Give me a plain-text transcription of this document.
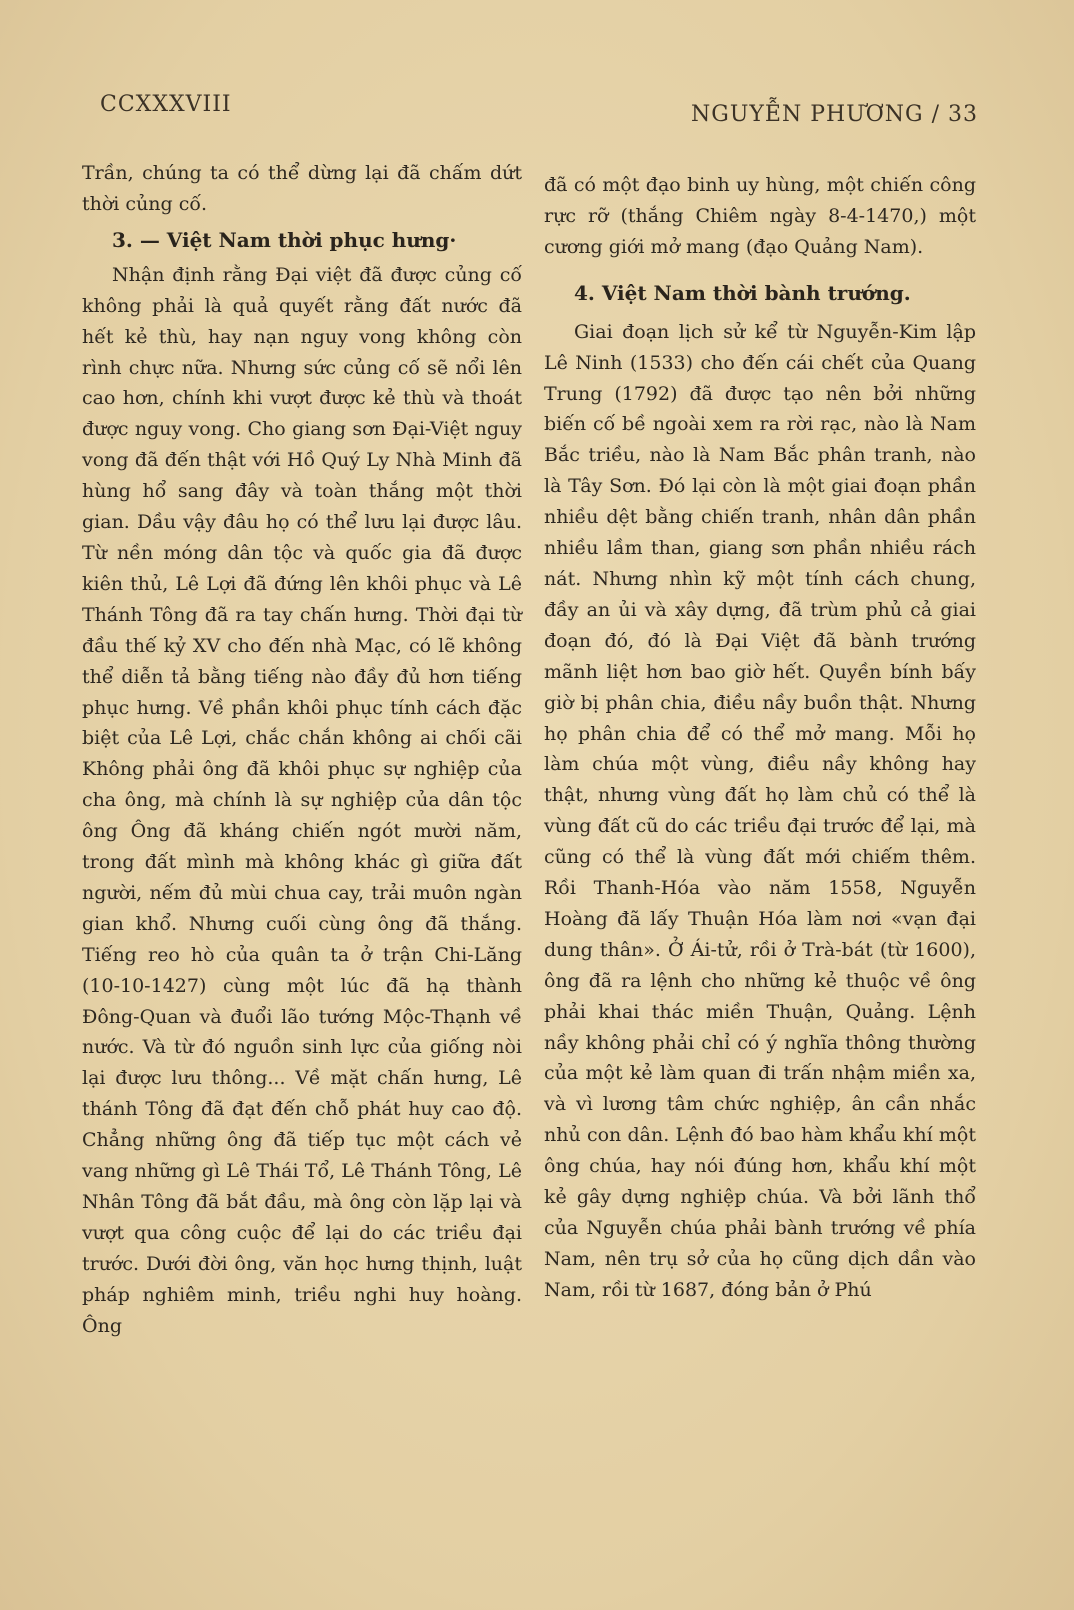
CCXXXVIII	NGUYỄN PHƯƠNG / 33

Trần, chúng ta có thể dừng lại đã chấm dứt thời củng cố.

3. — Việt Nam thời phục hưng·

Nhận định rằng Đại việt đã được củng cố không phải là quả quyết rằng đất nước đã hết kẻ thù, hay nạn nguy vong không còn rình chực nữa. Nhưng sức củng cố sẽ nổi lên cao hơn, chính khi vượt được kẻ thù và thoát được nguy vong. Cho giang sơn Đại-Việt nguy vong đã đến thật với Hồ Quý Ly Nhà Minh đã hùng hổ sang đây và toàn thắng một thời gian. Dầu vậy đâu họ có thể lưu lại được lâu. Từ nền móng dân tộc và quốc gia đã được kiên thủ, Lê Lợi đã đứng lên khôi phục và Lê Thánh Tông đã ra tay chấn hưng. Thời đại từ đầu thế kỷ XV cho đến nhà Mạc, có lẽ không thể diễn tả bằng tiếng nào đầy đủ hơn tiếng phục hưng. Về phần khôi phục tính cách đặc biệt của Lê Lợi, chắc chắn không ai chối cãi Không phải ông đã khôi phục sự nghiệp của cha ông, mà chính là sự nghiệp của dân tộc ông Ông đã kháng chiến ngót mười năm, trong đất mình mà không khác gì giữa đất người, nếm đủ mùi chua cay, trải muôn ngàn gian khổ. Nhưng cuối cùng ông đã thắng. Tiếng reo hò của quân ta ở trận Chi-Lăng (10-10-1427) cùng một lúc đã hạ thành Đông-Quan và đuổi lão tướng Mộc-Thạnh về nước. Và từ đó nguồn sinh lực của giống nòi lại được lưu thông... Về mặt chấn hưng, Lê thánh Tông đã đạt đến chỗ phát huy cao độ. Chẳng những ông đã tiếp tục một cách vẻ vang những gì Lê Thái Tổ, Lê Thánh Tông, Lê Nhân Tông đã bắt đầu, mà ông còn lặp lại và vượt qua công cuộc để lại do các triều đại trước. Dưới đời ông, văn học hưng thịnh, luật pháp nghiêm minh, triều nghi huy hoàng. Ông

đã có một đạo binh uy hùng, một chiến công rực rỡ (thắng Chiêm ngày 8-4-1470,) một cương giới mở mang (đạo Quảng Nam).

4. Việt Nam thời bành trướng.

Giai đoạn lịch sử kể từ Nguyễn-Kim lập Lê Ninh (1533) cho đến cái chết của Quang Trung (1792) đã được tạo nên bởi những biến cố bề ngoài xem ra rời rạc, nào là Nam Bắc triều, nào là Nam Bắc phân tranh, nào là Tây Sơn. Đó lại còn là một giai đoạn phần nhiều dệt bằng chiến tranh, nhân dân phần nhiều lầm than, giang sơn phần nhiều rách nát. Nhưng nhìn kỹ một tính cách chung, đầy an ủi và xây dựng, đã trùm phủ cả giai đoạn đó, đó là Đại Việt đã bành trướng mãnh liệt hơn bao giờ hết. Quyền bính bấy giờ bị phân chia, điều nầy buồn thật. Nhưng họ phân chia để có thể mở mang. Mỗi họ làm chúa một vùng, điều nầy không hay thật, nhưng vùng đất họ làm chủ có thể là vùng đất cũ do các triều đại trước để lại, mà cũng có thể là vùng đất mới chiếm thêm. Rồi Thanh-Hóa vào năm 1558, Nguyễn Hoàng đã lấy Thuận Hóa làm nơi «vạn đại dung thân». Ở Ái-tử, rồi ở Trà-bát (từ 1600), ông đã ra lệnh cho những kẻ thuộc về ông phải khai thác miền Thuận, Quảng. Lệnh nầy không phải chỉ có ý nghĩa thông thường của một kẻ làm quan đi trấn nhậm miền xa, và vì lương tâm chức nghiệp, ân cần nhắc nhủ con dân. Lệnh đó bao hàm khẩu khí một ông chúa, hay nói đúng hơn, khẩu khí một kẻ gây dựng nghiệp chúa. Và bởi lãnh thổ của Nguyễn chúa phải bành trướng về phía Nam, nên trụ sở của họ cũng dịch dần vào Nam, rồi từ 1687, đóng bản ở Phú
